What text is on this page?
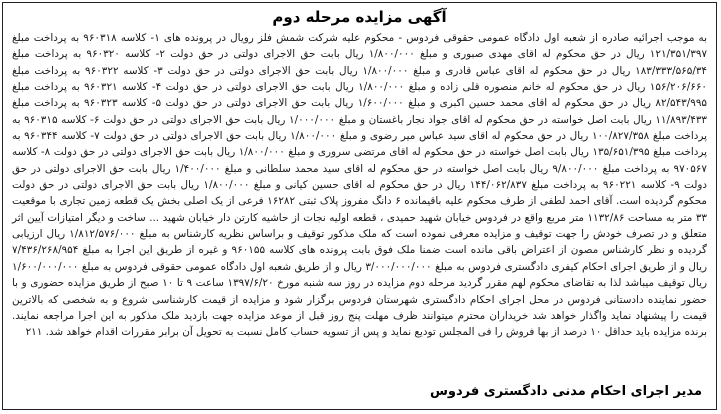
آگهی مزایده مرحله دوم

به موجب اجرائیه صادره از شعبه اول دادگاه عمومی حقوقی فردوس - محکوم علیه شرکت شمش فلز رویال در پرونده های ۱- کلاسه ۹۶۰۳۱۸ به پرداخت مبلغ ۱۲۱/۳۵۱/۳۹۷ ریال در حق محکوم له اقای مهدی صبوری و مبلغ ۱/۸۰۰/۰۰۰ ریال بابت حق الاجرای دولتی در حق دولت ۲- کلاسه ۹۶۰۳۲۰ به پرداخت مبلغ ۱۸۳/۳۳۳/۵۶۵/۳۴ ریال در حق محکوم له اقای عباس قادری و مبلغ ۱/۸۰۰/۰۰۰ ریال بابت حق الاجرای دولتی در حق دولت ۳- کلاسه ۹۶۰۳۲۲ به پرداخت مبلغ ۱۵۶/۲۰۶/۶۶۰ ریال در حق محکوم له خانم منصوره قلی زاده و مبلغ ۱/۸۰۰/۰۰۰ ریال بابت حق الاجرای دولتی در حق دولت ۴- کلاسه ۹۶۰۳۲۱ به پرداخت مبلغ ۸۲/۵۴۳/۹۹۵ ریال در حق محکوم له اقای محمد حسین اکبری و مبلغ ۱/۶۰۰/۰۰۰ ریال بابت حق الاجرای دولتی در حق دولت ۵- کلاسه ۹۶۰۳۲۳ به پرداخت مبلغ ۱۱/۸۹۳/۴۳۳ ریال بابت اصل خواسته در حق محکوم له اقای جواد نجار باغستان و مبلغ ۱/۰۰۰/۰۰۰ ریال بابت حق الاجرای دولتی در حق دولت ۶- کلاسه ۹۶۰۳۱۵ به پرداخت مبلغ ۱۰۰/۸۲۷/۳۵۸ ریال در حق محکوم له اقای سید عباس میر رضوی و مبلغ ۱/۸۰۰/۰۰۰ ریال بابت حق الاجرای دولتی در حق دولت ۷- کلاسه ۹۶۰۳۴۴ به پرداخت مبلغ ۱۳۵/۶۵۱/۳۹۵ ریال بابت اصل خواسته در حق محکوم له اقای مرتضی سروری و مبلغ ۱/۸۰۰/۰۰۰ ریال بابت حق الاجرای دولتی در حق دولت ۸- کلاسه ۹۷۰۵۶۷ به پرداخت مبلغ ۹/۸۰۰/۰۰۰ ریال بابت اصل خواسته در حق محکوم له اقای سید محمد سلطانی و مبلغ ۱/۴۰۰/۰۰۰ ریال بابت حق الاجرای دولتی در حق دولت ۹- کلاسه ۹۶۰۲۲۱ به پرداخت مبلغ ۱۴۴/۰۶۲/۸۳۷ ریال در حق محکوم له اقای حسین کیانی و مبلغ ۱/۸۰۰/۰۰۰ ریال بابت حق الاجرای دولتی در حق دولت محکوم گردیده است. آقای احمد لطفی از طرف محکوم علیه باقیمانده ۶ دانگ مفروز پلاک ثبتی ۱۶۲۸۲ فرعی از یک اصلی بخش یک قطعه زمین تجاری با موقعیت ۳۳ متر به مساحت ۱۱۳۲/۸۶ متر مربع واقع در فردوس خیابان شهید حمیدی ، قطعه اولیه نجات از حاشیه کارتن دار خیابان شهید ... ساخت و دیگر امتیازات آیین اثر متعلق و در تصرف خودش را جهت توقیف و مزایده معرفی نموده است که ملک مذکور توقیف و براساس نظریه کارشناس به مبلغ ۱/۸۱۲/۵۷۶/۰۰۰ ریال ارزیابی گردیده و نظر کارشناس مصون از اعتراض باقی مانده است ضمنا ملک فوق بابت پرونده های کلاسه ۹۶۰۱۵۵ و غیره از طریق این اجرا به مبلغ ۷/۴۳۶/۲۶۸/۹۵۴ ریال و از طریق اجرای احکام کیفری دادگستری فردوس به مبلغ ۳/۰۰۰/۰۰۰/۰۰۰ ریال و از طریق شعبه اول دادگاه عمومی حقوقی فردوس به مبلغ ۱/۶۰۰/۰۰۰/۰۰۰ ریال توقیف میباشد لذا به تقاضای محکوم لهم مقرر گردید مرحله دوم مزایده در روز سه شنبه مورخ ۱۳۹۷/۶/۲۰ ساعت ۹ تا ۱۰ صبح از طریق مزایده حضوری و با حضور نماینده دادستانی فردوس در محل اجرای احکام دادگستری شهرستان فردوس برگزار شود و مزایده از قیمت کارشناسی شروع و به شخصی که بالاترین قیمت را پیشنهاد نماید واگذار خواهد شد خریداران محترم میتوانند ظرف مهلت پنج روز قبل از موعد مزایده جهت بازدید ملک مذکور به این اجرا مراجعه نمایند. برنده مزایده باید حداقل ۱۰ درصد از بها فروش را فی المجلس تودیع نماید و پس از تسویه حساب کامل نسبت به تحویل آن برابر مقررات اقدام خواهد شد. ۲۱۱

مدیر اجرای احکام مدنی دادگستری فردوس
